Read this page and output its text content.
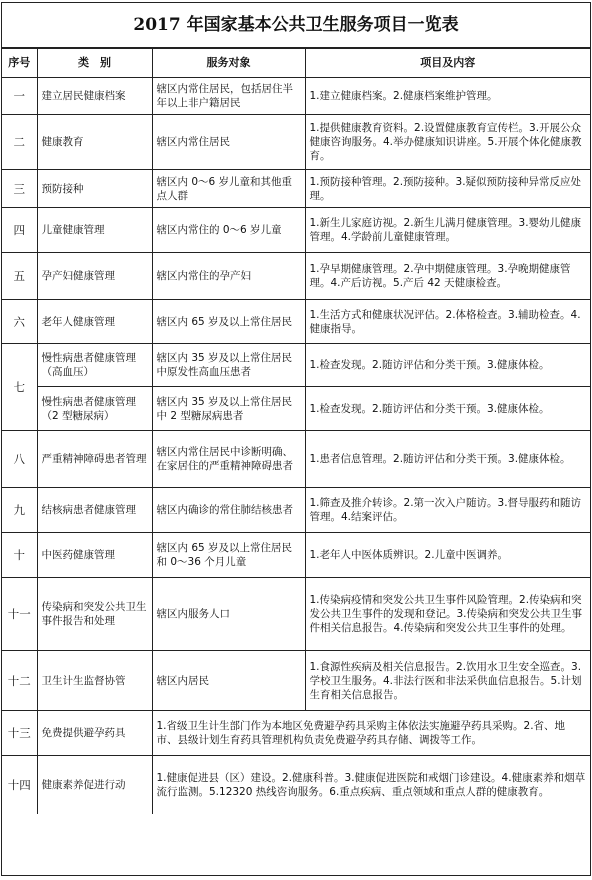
2017 年国家基本公共卫生服务项目一览表
序号	类　别	服务对象	项目及内容
一	建立居民健康档案	辖区内常住居民，包括居住半年以上非户籍居民	1.建立健康档案。2.健康档案维护管理。
二	健康教育	辖区内常住居民	1.提供健康教育资料。2.设置健康教育宣传栏。3.开展公众健康咨询服务。4.举办健康知识讲座。5.开展个体化健康教育。
三	预防接种	辖区内 0～6 岁儿童和其他重点人群	1.预防接种管理。2.预防接种。3.疑似预防接种异常反应处理。
四	儿童健康管理	辖区内常住的 0～6 岁儿童	1.新生儿家庭访视。2.新生儿满月健康管理。3.婴幼儿健康管理。4.学龄前儿童健康管理。
五	孕产妇健康管理	辖区内常住的孕产妇	1.孕早期健康管理。2.孕中期健康管理。3.孕晚期健康管理。4.产后访视。5.产后 42 天健康检查。
六	老年人健康管理	辖区内 65 岁及以上常住居民	1.生活方式和健康状况评估。2.体格检查。3.辅助检查。4.健康指导。
七	慢性病患者健康管理（高血压）	辖区内 35 岁及以上常住居民中原发性高血压患者	1.检查发现。2.随访评估和分类干预。3.健康体检。
	慢性病患者健康管理（2 型糖尿病）	辖区内 35 岁及以上常住居民中 2 型糖尿病患者	1.检查发现。2.随访评估和分类干预。3.健康体检。
八	严重精神障碍患者管理	辖区内常住居民中诊断明确、在家居住的严重精神障碍患者	1.患者信息管理。2.随访评估和分类干预。3.健康体检。
九	结核病患者健康管理	辖区内确诊的常住肺结核患者	1.筛查及推介转诊。2.第一次入户随访。3.督导服药和随访管理。4.结案评估。
十	中医药健康管理	辖区内 65 岁及以上常住居民和 0～36 个月儿童	1.老年人中医体质辨识。2.儿童中医调养。
十一	传染病和突发公共卫生事件报告和处理	辖区内服务人口	1.传染病疫情和突发公共卫生事件风险管理。2.传染病和突发公共卫生事件的发现和登记。3.传染病和突发公共卫生事件相关信息报告。4.传染病和突发公共卫生事件的处理。
十二	卫生计生监督协管	辖区内居民	1.食源性疾病及相关信息报告。2.饮用水卫生安全巡查。3.学校卫生服务。4.非法行医和非法采供血信息报告。5.计划生育相关信息报告。
十三	免费提供避孕药具	1.省级卫生计生部门作为本地区免费避孕药具采购主体依法实施避孕药具采购。2.省、地市、县级计划生育药具管理机构负责免费避孕药具存储、调拨等工作。	
十四	健康素养促进行动	1.健康促进县（区）建设。2.健康科普。3.健康促进医院和戒烟门诊建设。4.健康素养和烟草流行监测。5.12320 热线咨询服务。6.重点疾病、重点领域和重点人群的健康教育。	
